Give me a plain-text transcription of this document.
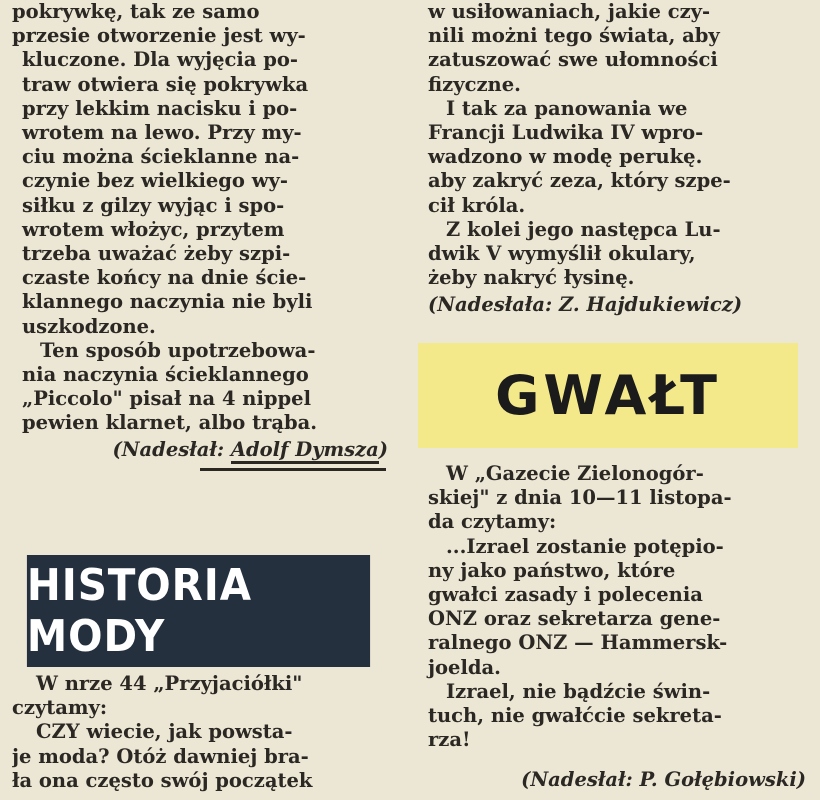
pokrywkę, tak ze samo
przesie otworzenie jest wy-
kluczone. Dla wyjęcia po-
traw otwiera się pokrywka
przy lekkim nacisku i po-
wrotem na lewo. Przy my-
ciu można ścieklanne na-
czynie bez wielkiego wy-
siłku z gilzy wyjąc i spo-
wrotem włożyc, przytem
trzeba uważać żeby szpi-
czaste końcy na dnie ście-
klannego naczynia nie byli
uszkodzone.

Ten sposób upotrzebowa-
nia naczynia ścieklannego
„Piccolo" pisał na 4 nippel
pewien klarnet, albo trąba.

(Nadesłał: Adolf Dymsza)
HISTORIA MODY

W nrze 44 „Przyjaciółki"
czytamy:
CZY wiecie, jak powsta-
je moda? Otóż dawniej bra-
ła ona często swój początek

w usiłowaniach, jakie czy-
nili możni tego świata, aby
zatuszować swe ułomności
fizyczne.

I tak za panowania we
Francji Ludwika IV wpro-
wadzono w modę perukę.
aby zakryć zeza, który szpe-
cił króla.

Z kolei jego następca Lu-
dwik V wymyślił okulary,
żeby nakryć łysinę.

(Nadesłała: Z. Hajdukiewicz)
GWAŁT

W „Gazecie Zielonogór-
skiej" z dnia 10—11 listopa-
da czytamy:

...Izrael zostanie potępio-
ny jako państwo, które
gwałci zasady i polecenia
ONZ oraz sekretarza gene-
ralnego ONZ — Hammersk-
joelda.

Izrael, nie bądźcie świn-
tuch, nie gwałćcie sekreta-
rza!

(Nadesłał: P. Gołębiowski)
